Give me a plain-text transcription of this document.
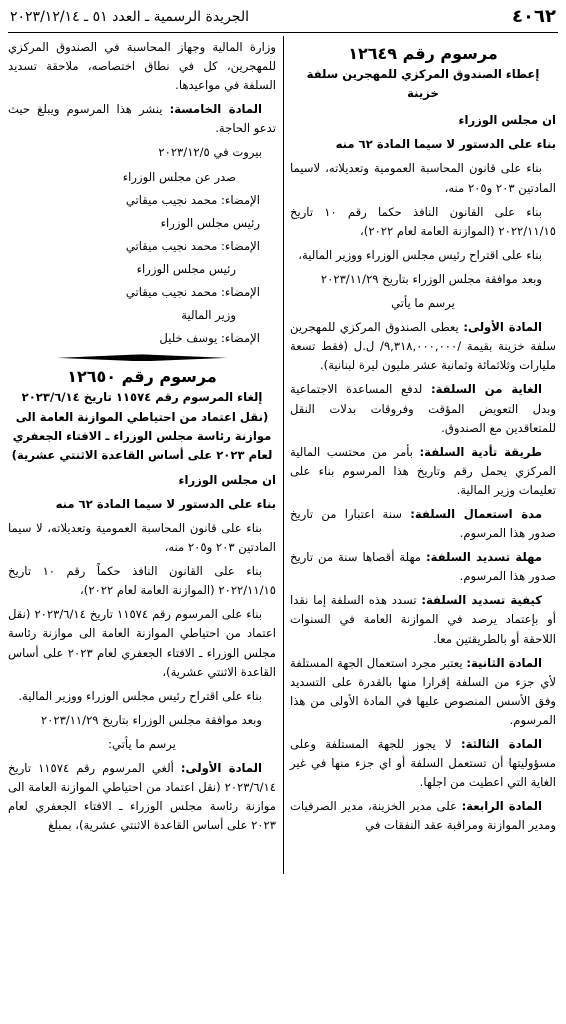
٤٠٦٢
الجريدة الرسمية ـ العدد ٥١ ـ ٢٠٢٣/١٢/١٤
مرسوم رقم ١٢٦٤٩

إعطاء الصندوق المركزي للمهجرين سلفة خزينة

ان مجلس الوزراء

بناء على الدستور لا سيما المادة ٦٢ منه

بناء على قانون المحاسبة العمومية وتعديلاته، لاسيما المادتين ٢٠٣ و٢٠٥ منه،

بناء على القانون النافذ حكما رقم ١٠ تاريخ ٢٠٢٢/١١/١٥ (الموازنة العامة لعام ٢٠٢٢)،

بناء على اقتراح رئيس مجلس الوزراء ووزير المالية،

وبعد موافقة مجلس الوزراء بتاريخ ٢٠٢٣/١١/٢٩

يرسم ما يأتي

المادة الأولى: يعطى الصندوق المركزي للمهجرين سلفة خزينة بقيمة /٩,٣١٨,٠٠٠,٠٠٠/ ل.ل (فقط تسعة مليارات وثلاثمائة وثمانية عشر مليون ليرة لبنانية).

الغاية من السلفة: لدفع المساعدة الاجتماعية وبدل التعويض المؤقت وفروقات بدلات النقل للمتعاقدين مع الصندوق.

طريقة تأدية السلفة: بأمر من محتسب المالية المركزي يحمل رقم وتاريخ هذا المرسوم بناء على تعليمات وزير المالية.

مدة استعمال السلفة: سنة اعتبارا من تاريخ صدور هذا المرسوم.

مهلة تسديد السلفة: مهلة أقصاها سنة من تاريخ صدور هذا المرسوم.

كيفية تسديد السلفة: تسدد هذه السلفة إما نقدا أو بإعتماد يرصد في الموازنة العامة في السنوات اللاحقة أو بالطريقتين معا.

المادة الثانية: يعتبر مجرد استعمال الجهة المستلفة لأي جزء من السلفة إقرارا منها بالقدرة على التسديد وفق الأسس المنصوص عليها في المادة الأولى من هذا المرسوم.

المادة الثالثة: لا يجوز للجهة المستلفة وعلى مسؤوليتها أن تستعمل السلفة أو اي جزء منها في غير الغاية التي اعطيت من اجلها.

المادة الرابعة: على مدير الخزينة، مدير الصرفيات ومدير الموازنة ومراقبة عقد النفقات في

وزارة المالية وجهاز المحاسبة في الصندوق المركزي للمهجرين، كل في نطاق اختصاصه، ملاحقة تسديد السلفة في مواعيدها.

المادة الخامسة: ينشر هذا المرسوم ويبلغ حيث تدعو الحاجة.

بيروت في ٢٠٢٣/١٢/٥

صدر عن مجلس الوزراء

الإمضاء: محمد نجيب ميقاتي

رئيس مجلس الوزراء

الإمضاء: محمد نجيب ميقاتي

رئيس مجلس الوزراء

الإمضاء: محمد نجيب ميقاتي

وزير المالية

الإمضاء: يوسف خليل

مرسوم رقم ١٢٦٥٠

إلغاء المرسوم رقم ١١٥٧٤ تاريخ ٢٠٢٣/٦/١٤ (نقل اعتماد من احتياطي الموازنة العامة الى موازنة رئاسة مجلس الوزراء ـ الافتاء الجعفري لعام ٢٠٢٣ على أساس القاعدة الاثنتي عشرية)

ان مجلس الوزراء

بناء على الدستور لا سيما المادة ٦٢ منه

بناء على قانون المحاسبة العمومية وتعديلاته، لا سيما المادتين ٢٠٣ و٢٠٥ منه،

بناء على القانون النافذ حكماً رقم ١٠ تاريخ ٢٠٢٢/١١/١٥ (الموازنة العامة لعام ٢٠٢٢)،

بناء على المرسوم رقم ١١٥٧٤ تاريخ ٢٠٢٣/٦/١٤ (نقل اعتماد من احتياطي الموازنة العامة الى موازنة رئاسة مجلس الوزراء ـ الافتاء الجعفري لعام ٢٠٢٣ على أساس القاعدة الاثنتي عشرية)،

بناء على اقتراح رئيس مجلس الوزراء ووزير المالية.

وبعد موافقة مجلس الوزراء بتاريخ ٢٠٢٣/١١/٢٩

يرسم ما يأتي:

المادة الأولى: ألغي المرسوم رقم ١١٥٧٤ تاريخ ٢٠٢٣/٦/١٤ (نقل اعتماد من احتياطي الموازنة العامة الى موازنة رئاسة مجلس الوزراء ـ الافتاء الجعفري لعام ٢٠٢٣ على أساس القاعدة الاثنتي عشرية)، بمبلغ
